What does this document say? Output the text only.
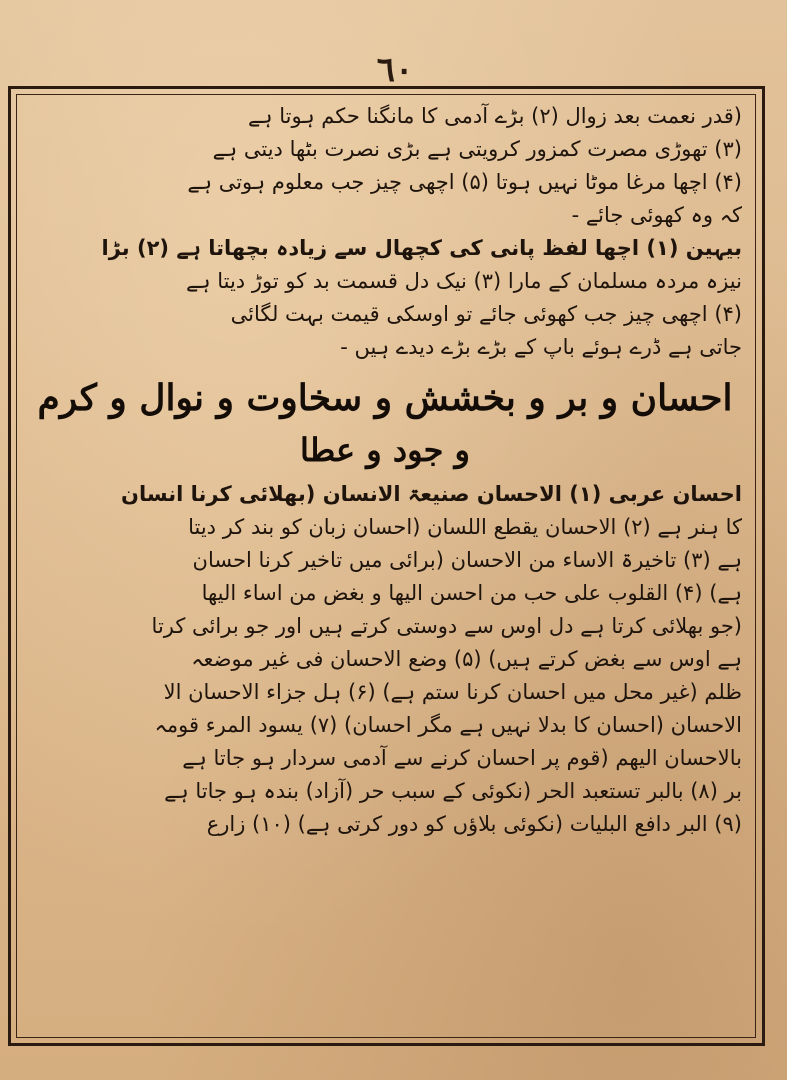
٦٠
(قدر نعمت بعد زوال (۲) بڑے آدمی کا مانگنا حکم ہوتا ہے
(۳) تھوڑی مصرت کمزور کرویتی ہے بڑی نصرت بٹھا دیتی ہے
(۴) اچھا مرغا موٹا نہیں ہوتا (۵) اچھی چیز جب معلوم ہوتی ہے
کہ وہ کھوئی جائے -
بیہین (۱) اچھا لفظ پانی کی کچھال سے زیادہ بچھاتا ہے (۲) بڑا
نیزہ مردہ مسلمان کے مارا (۳) نیک دل قسمت بد کو توڑ دیتا ہے
(۴) اچھی چیز جب کھوئی جائے تو اوسکی قیمت بہت لگائی
جاتی ہے ڈرے ہوئے باپ کے بڑے بڑے دیدے ہیں -
احسان و بر و بخشش و سخاوت و نوال و کرم
و جود و عطا
احسان عربی (۱) الاحسان صنیعۃ الانسان (بھلائی کرنا انسان
کا ہنر ہے (۲) الاحسان یقطع اللسان (احسان زبان کو بند کر دیتا
ہے (۳) تاخیرۃ الاساء من الاحسان (برائی میں تاخیر کرنا احسان
ہے) (۴) القلوب علی حب من احسن الیھا و بغض من اساء الیھا
(جو بھلائی کرتا ہے دل اوس سے دوستی کرتے ہیں اور جو برائی کرتا
ہے اوس سے بغض کرتے ہیں) (۵) وضع الاحسان فی غیر موضعہ
ظلم (غیر محل میں احسان کرنا ستم ہے) (۶) ہل جزاء الاحسان الا
الاحسان (احسان کا بدلا نہیں ہے مگر احسان) (۷) یسود المرء قومہ
بالاحسان الیھم (قوم پر احسان کرنے سے آدمی سردار ہو جاتا ہے
بر (۸) بالبر تستعبد الحر (نکوئی کے سبب حر (آزاد) بندہ ہو جاتا ہے
(۹) البر دافع البلیات (نکوئی بلاؤں کو دور کرتی ہے) (۱۰) زارع
